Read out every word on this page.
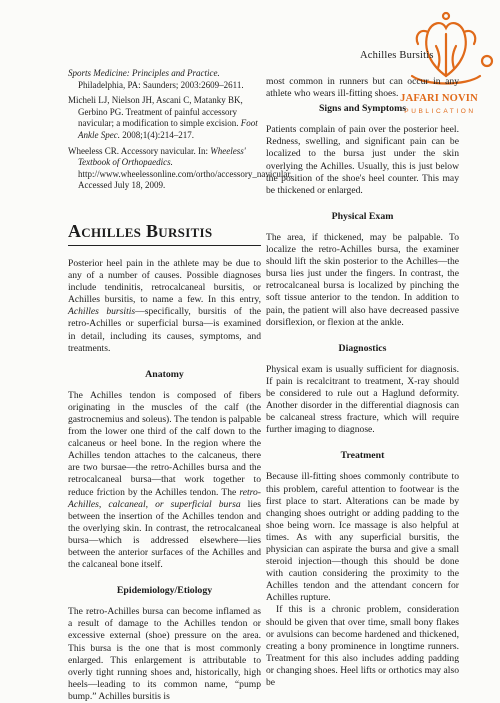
JAFARI NOVIN
PUBLICATION
Achilles Bursitis

Sports Medicine: Principles and Practice. Philadelphia, PA: Saunders; 2003:2609–2611.

Micheli LJ, Nielson JH, Ascani C, Matanky BK, Gerbino PG. Treatment of painful accessory navicular; a modification to simple excision. Foot Ankle Spec. 2008;1(4):214–217.

Wheeless CR. Accessory navicular. In: Wheeless' Textbook of Orthopaedics. http://www.wheelessonline.com/ortho/accessory_navicular. Accessed July 18, 2009.

Achilles Bursitis

Posterior heel pain in the athlete may be due to any of a number of causes. Possible diagnoses include tendinitis, retrocalcaneal bursitis, or Achilles bursitis, to name a few. In this entry, Achilles bursitis—specifically, bursitis of the retro-Achilles or superficial bursa—is examined in detail, including its causes, symptoms, and treatments.

Anatomy

The Achilles tendon is composed of fibers originating in the muscles of the calf (the gastrocnemius and soleus). The tendon is palpable from the lower one third of the calf down to the calcaneus or heel bone. In the region where the Achilles tendon attaches to the calcaneus, there are two bursae—the retro-Achilles bursa and the retrocalcaneal bursa—that work together to reduce friction by the Achilles tendon. The retro-Achilles, calcaneal, or superficial bursa lies between the insertion of the Achilles tendon and the overlying skin. In contrast, the retrocalcaneal bursa—which is addressed elsewhere—lies between the anterior surfaces of the Achilles and the calcaneal bone itself.

Epidemiology/Etiology

The retro-Achilles bursa can become inflamed as a result of damage to the Achilles tendon or excessive external (shoe) pressure on the area. This bursa is the one that is most commonly enlarged. This enlargement is attributable to overly tight running shoes and, historically, high heels—leading to its common name, “pump bump.” Achilles bursitis is

most common in runners but can occur in any athlete who wears ill-fitting shoes.

Signs and Symptoms

Patients complain of pain over the posterior heel. Redness, swelling, and significant pain can be localized to the bursa just under the skin overlying the Achilles. Usually, this is just below the position of the shoe's heel counter. This may be thickened or enlarged.

Physical Exam

The area, if thickened, may be palpable. To localize the retro-Achilles bursa, the examiner should lift the skin posterior to the Achilles—the bursa lies just under the fingers. In contrast, the retrocalcaneal bursa is localized by pinching the soft tissue anterior to the tendon. In addition to pain, the patient will also have decreased passive dorsiflexion, or flexion at the ankle.

Diagnostics

Physical exam is usually sufficient for diagnosis. If pain is recalcitrant to treatment, X-ray should be considered to rule out a Haglund deformity. Another disorder in the differential diagnosis can be calcaneal stress fracture, which will require further imaging to diagnose.

Treatment

Because ill-fitting shoes commonly contribute to this problem, careful attention to footwear is the first place to start. Alterations can be made by changing shoes outright or adding padding to the shoe being worn. Ice massage is also helpful at times. As with any superficial bursitis, the physician can aspirate the bursa and give a small steroid injection—though this should be done with caution considering the proximity to the Achilles tendon and the attendant concern for Achilles rupture.

If this is a chronic problem, consideration should be given that over time, small bony flakes or avulsions can become hardened and thickened, creating a bony prominence in longtime runners. Treatment for this also includes adding padding or changing shoes. Heel lifts or orthotics may also be
